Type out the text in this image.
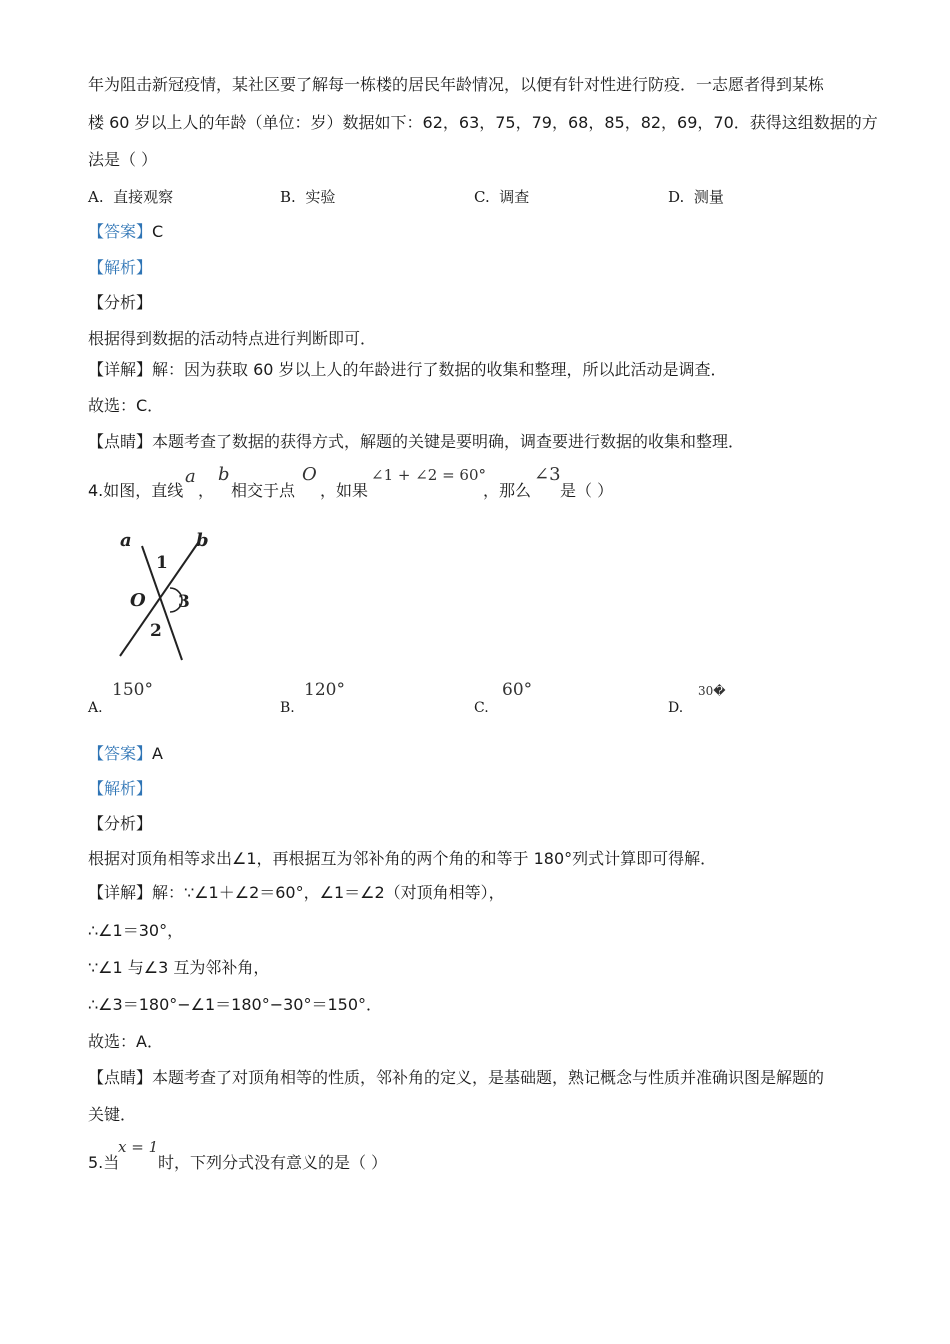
年为阻击新冠疫情，某社区要了解每一栋楼的居民年龄情况，以便有针对性进行防疫．一志愿者得到某栋
楼 60 岁以上人的年龄（单位：岁）数据如下：62，63，75，79，68，85，82，69，70．获得这组数据的方
法是（ ）
A. 直接观察	B. 实验	C. 调查	D. 测量
【答案】C
【解析】
【分析】
根据得到数据的活动特点进行判断即可．
【详解】解：因为获取 60 岁以上人的年龄进行了数据的收集和整理，所以此活动是调查．
故选：C．
【点睛】本题考查了数据的获得方式，解题的关键是要明确，调查要进行数据的收集和整理．
4.如图，直线
a
，
b
相交于点
O
，如果
∠1 + ∠2 = 60°
，那么
∠3
是（ ）
a	b
O
1
2
3
A.
150°
B.
120°
C.
60°
D.
30�
【答案】A
【解析】
【分析】
根据对顶角相等求出∠1，再根据互为邻补角的两个角的和等于 180°列式计算即可得解．
【详解】解：∵∠1＋∠2＝60°，∠1＝∠2（对顶角相等），
∴∠1＝30°，
∵∠1 与∠3 互为邻补角，
∴∠3＝180°−∠1＝180°−30°＝150°．
故选：A．
【点睛】本题考查了对顶角相等的性质，邻补角的定义，是基础题，熟记概念与性质并准确识图是解题的
关键．
5.当
x = 1
时，下列分式没有意义的是（ ）
